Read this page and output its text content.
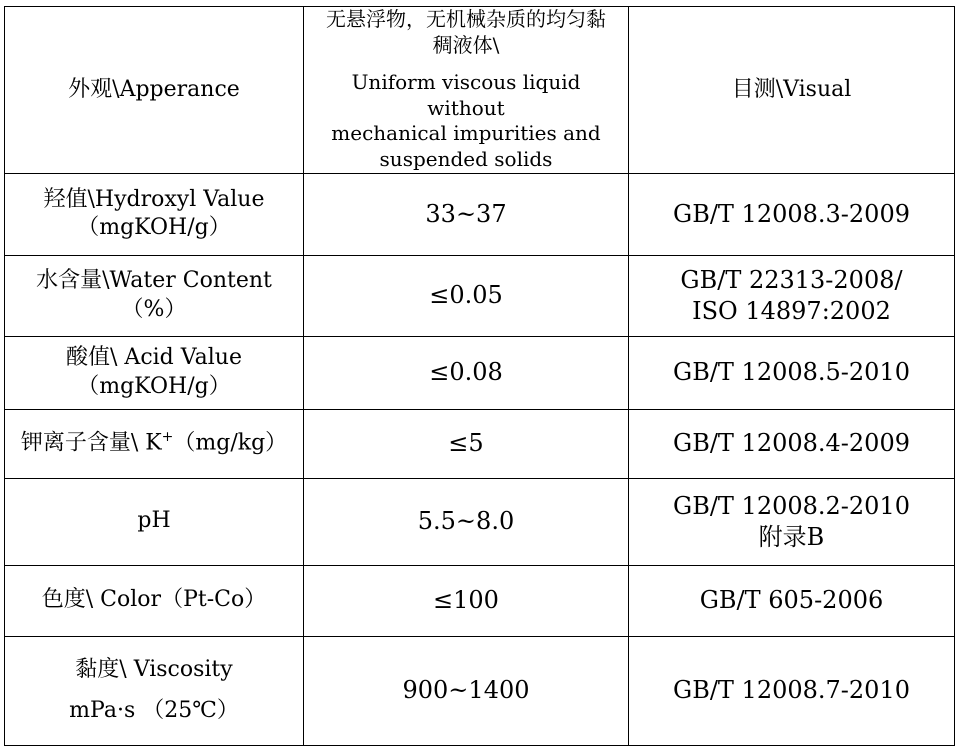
外观\Apperance	无悬浮物，无机械杂质的均匀黏
稠液体\
Uniform viscous liquid without
mechanical impurities and
suspended solids	目测\Visual

羟值\Hydroxyl Value
（mgKOH/g）	33~37	GB/T 12008.3-2009

水含量\Water Content
（%）	≤0.05	GB/T 22313-2008/
ISO 14897:2002

酸值\ Acid Value
（mgKOH/g）	≤0.08	GB/T 12008.5-2010

钾离子含量\ K+（mg/kg）	≤5	GB/T 12008.4-2009

pH	5.5~8.0	GB/T 12008.2-2010
附录B

色度\ Color（Pt-Co）	≤100	GB/T 605-2006

黏度\ Viscosity
mPa·s （25℃）	900~1400	GB/T 12008.7-2010
